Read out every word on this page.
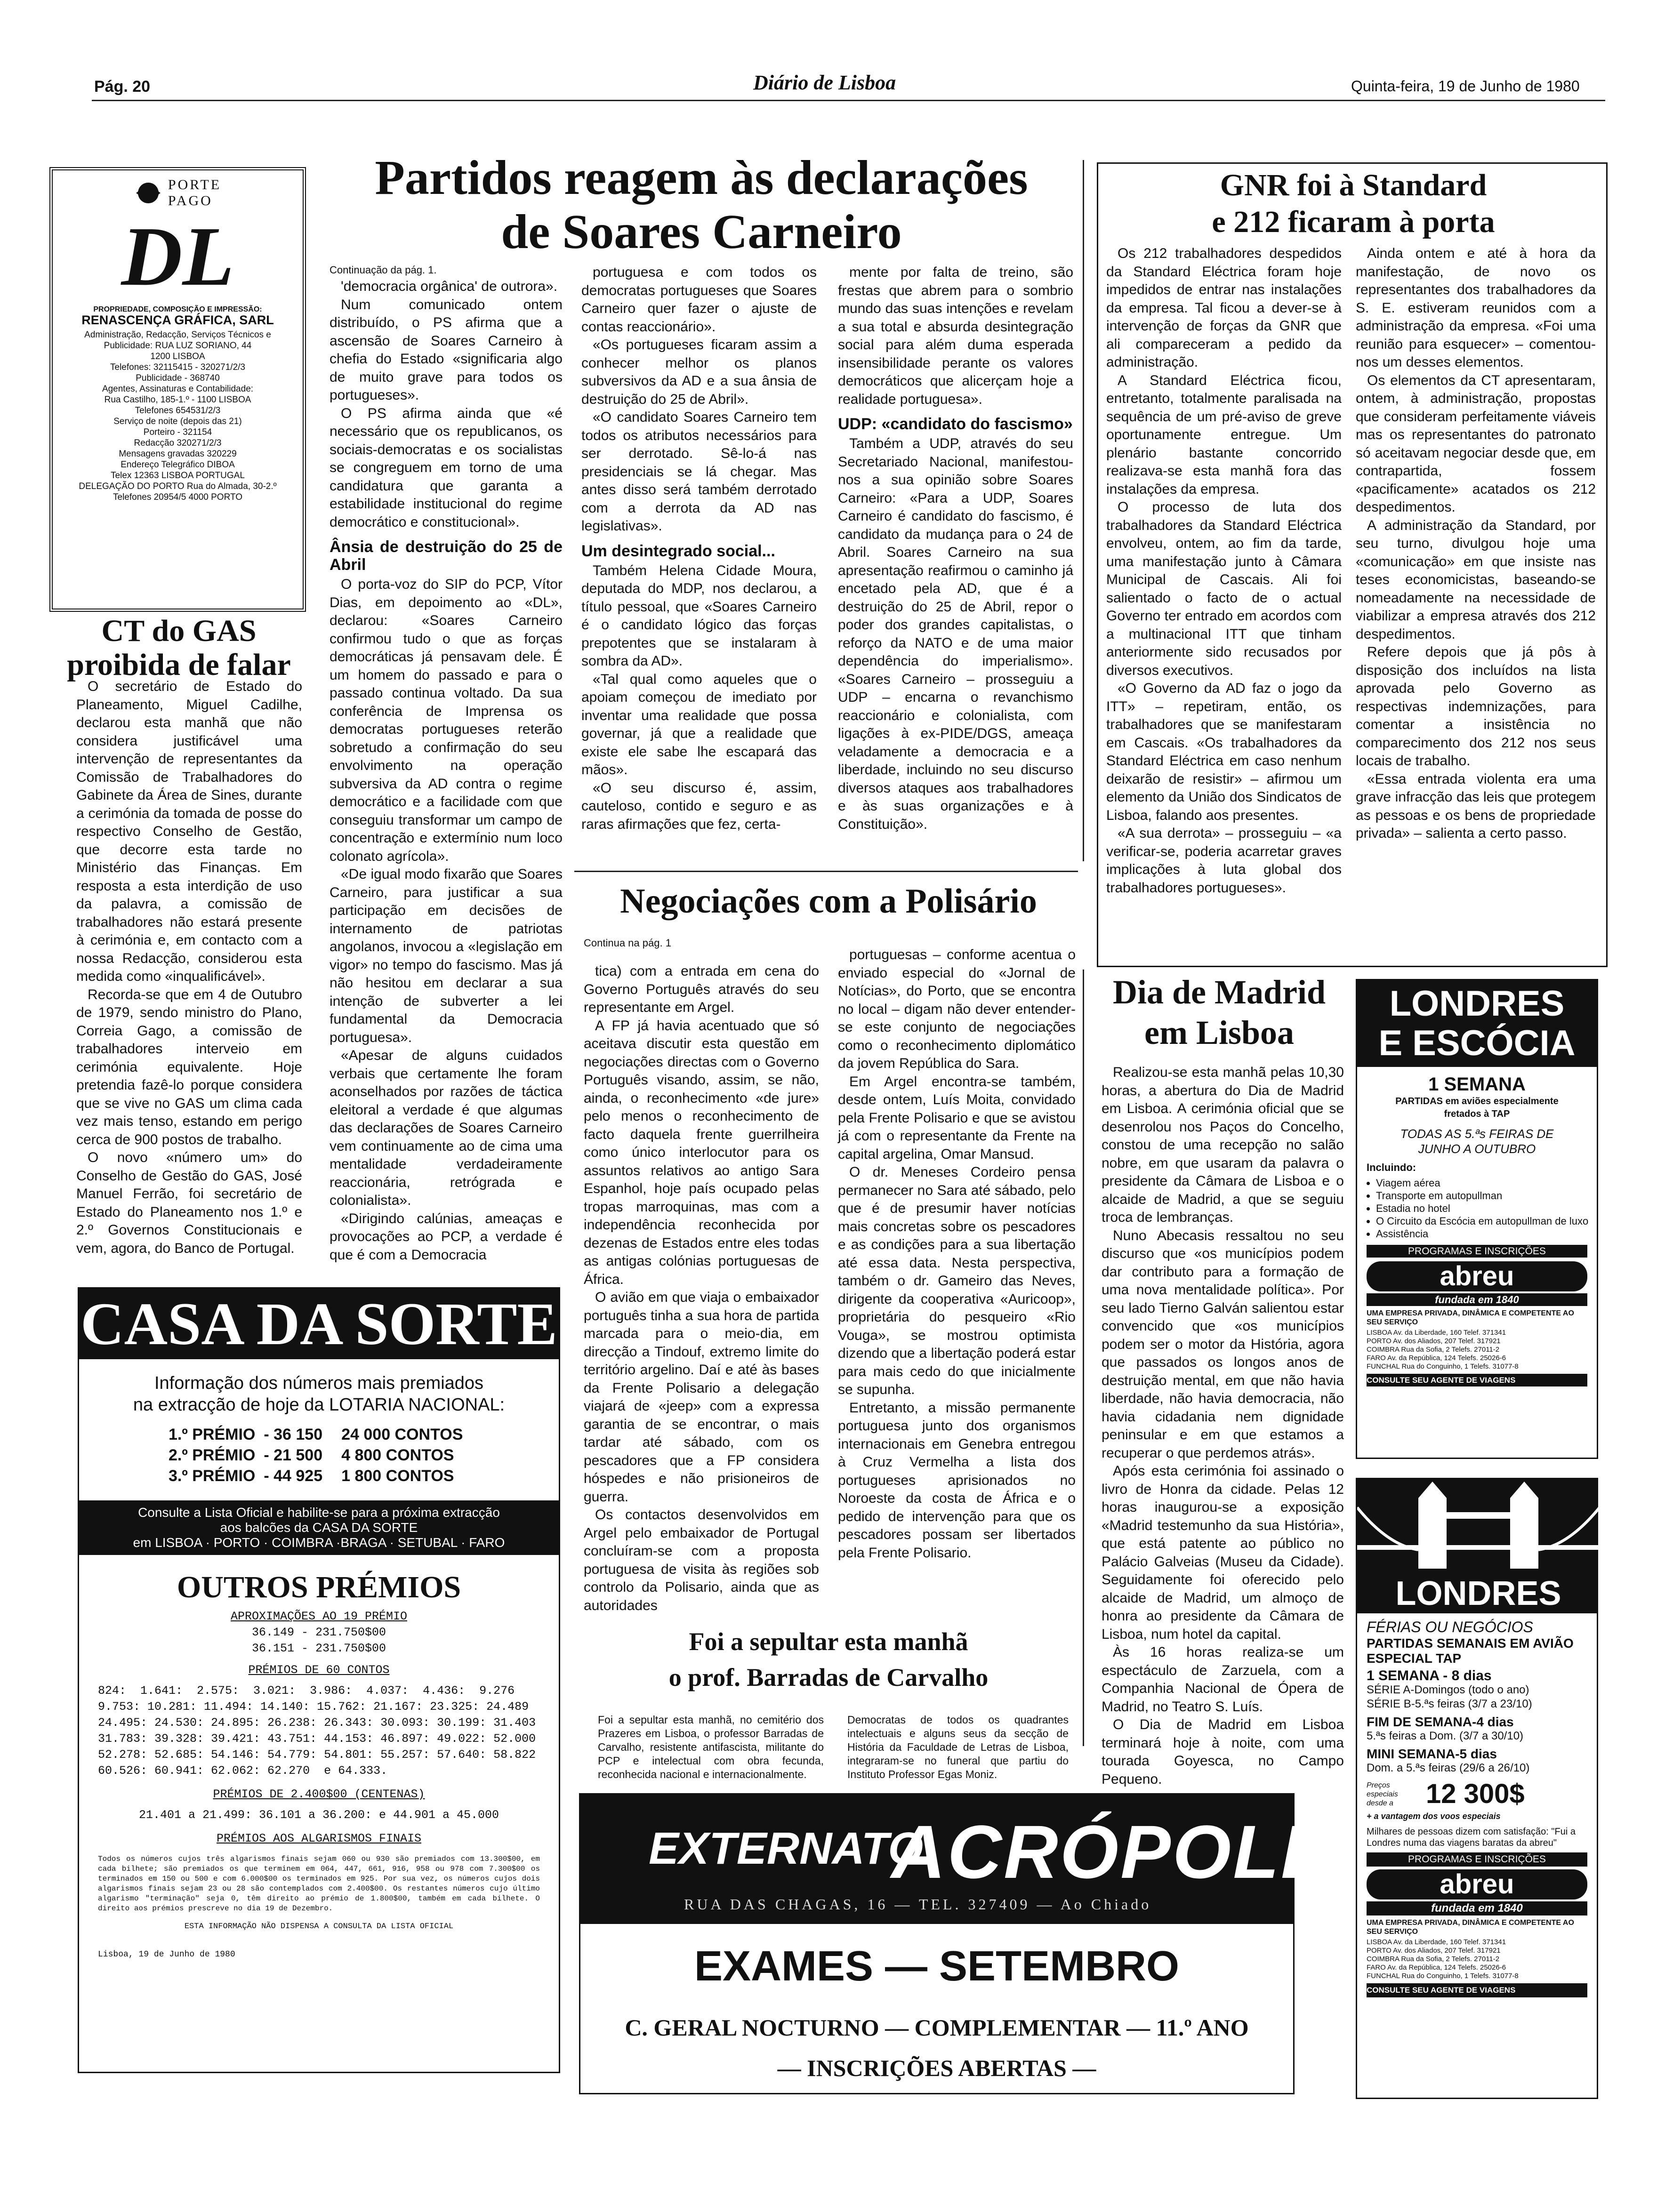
Pág. 20	Diário de Lisboa	Quinta-feira, 19 de Junho de 1980
PORTE
PAGO
DL
PROPRIEDADE, COMPOSIÇÃO E IMPRESSÃO:
RENASCENÇA GRÁFICA, SARL
Administração, Redacção, Serviços Técnicos e Publicidade: RUA LUZ SORIANO, 44
1200 LISBOA
Telefones: 32115415 - 320271/2/3
Publicidade - 368740
Agentes, Assinaturas e Contabilidade:
Rua Castilho, 185-1.º - 1100 LISBOA
Telefones 654531/2/3
Serviço de noite (depois das 21)
Porteiro - 321154
Redacção 320271/2/3
Mensagens gravadas 320229
Endereço Telegráfico DIBOA
Telex 12363 LISBOA PORTUGAL
DELEGAÇÃO DO PORTO Rua do Almada, 30-2.º
Telefones 20954/5 4000 PORTO
CT do GAS
proibida de falar

O secretário de Estado do Planeamento, Miguel Cadilhe, declarou esta manhã que não considera justificável uma intervenção de representantes da Comissão de Trabalhadores do Gabinete da Área de Sines, durante a cerimónia da tomada de posse do respectivo Conselho de Gestão, que decorre esta tarde no Ministério das Finanças. Em resposta a esta interdição de uso da palavra, a comissão de trabalhadores não estará presente à cerimónia e, em contacto com a nossa Redacção, considerou esta medida como «inqualificável».

Recorda-se que em 4 de Outubro de 1979, sendo ministro do Plano, Correia Gago, a comissão de trabalhadores interveio em cerimónia equivalente. Hoje pretendia fazê-lo porque considera que se vive no GAS um clima cada vez mais tenso, estando em perigo cerca de 900 postos de trabalho.

O novo «número um» do Conselho de Gestão do GAS, José Manuel Ferrão, foi secretário de Estado do Planeamento nos 1.º e 2.º Governos Constitucionais e vem, agora, do Banco de Portugal.

CASA DA SORTE
Informação dos números mais premiados
na extracção de hoje da LOTARIA NACIONAL:
1.º PRÉMIO - 36 150 24 000 CONTOS
2.º PRÉMIO - 21 500 4 800 CONTOS
3.º PRÉMIO - 44 925 1 800 CONTOS
Consulte a Lista Oficial e habilite-se para a próxima extracção
aos balcões da CASA DA SORTE
em LISBOA · PORTO · COIMBRA ·BRAGA · SETUBAL · FARO
OUTROS PRÉMIOS
APROXIMAÇÕES AO 19 PRÉMIO
36.149 - 231.750$00
36.151 - 231.750$00
PRÉMIOS DE 60 CONTOS
824:  1.641:  2.575:  3.021:  3.986:  4.037:  4.436:  9.276
9.753: 10.281: 11.494: 14.140: 15.762: 21.167: 23.325: 24.489
24.495: 24.530: 24.895: 26.238: 26.343: 30.093: 30.199: 31.403
31.783: 39.328: 39.421: 43.751: 44.153: 46.897: 49.022: 52.000
52.278: 52.685: 54.146: 54.779: 54.801: 55.257: 57.640: 58.822
60.526: 60.941: 62.062: 62.270  e 64.333.
PRÉMIOS DE 2.400$00 (CENTENAS)
21.401 a 21.499: 36.101 a 36.200: e 44.901 a 45.000
PRÉMIOS AOS ALGARISMOS FINAIS
Todos os números cujos três algarismos finais sejam 060 ou 930 são premiados com 13.300$00, em cada bilhete; são premiados os que terminem em 064, 447, 661, 916, 958 ou 978 com 7.300$00 os terminados em 150 ou 500 e com 6.000$00 os terminados em 925. Por sua vez, os números cujos dois algarismos finais sejam 23 ou 28 são contemplados com 2.400$00. Os restantes números cujo último algarismo "terminação" seja 0, têm direito ao prémio de 1.800$00, também em cada bilhete. O direito aos prémios prescreve no dia 19 de Dezembro.
ESTA INFORMAÇÃO NÃO DISPENSA A CONSULTA DA LISTA OFICIAL
Lisboa, 19 de Junho de 1980
Partidos reagem às declarações
de Soares Carneiro
Continuação da pág. 1.

'democracia orgânica' de outrora».

Num comunicado ontem distribuído, o PS afirma que a ascensão de Soares Carneiro à chefia do Estado «significaria algo de muito grave para todos os portugueses».

O PS afirma ainda que «é necessário que os republicanos, os sociais-democratas e os socialistas se congreguem em torno de uma candidatura que garanta a estabilidade institucional do regime democrático e constitucional».

Ânsia de destruição do 25 de Abril

O porta-voz do SIP do PCP, Vítor Dias, em depoimento ao «DL», declarou: «Soares Carneiro confirmou tudo o que as forças democráticas já pensavam dele. É um homem do passado e para o passado continua voltado. Da sua conferência de Imprensa os democratas portugueses reterão sobretudo a confirmação do seu envolvimento na operação subversiva da AD contra o regime democrático e a facilidade com que conseguiu transformar um campo de concentração e extermínio num loco colonato agrícola».

«De igual modo fixarão que Soares Carneiro, para justificar a sua participação em decisões de internamento de patriotas angolanos, invocou a «legislação em vigor» no tempo do fascismo. Mas já não hesitou em declarar a sua intenção de subverter a lei fundamental da Democracia portuguesa».

«Apesar de alguns cuidados verbais que certamente lhe foram aconselhados por razões de táctica eleitoral a verdade é que algumas das declarações de Soares Carneiro vem continuamente ao de cima uma mentalidade verdadeiramente reaccionária, retrógrada e colonialista».

«Dirigindo calúnias, ameaças e provocações ao PCP, a verdade é que é com a Democracia

portuguesa e com todos os democratas portugueses que Soares Carneiro quer fazer o ajuste de contas reaccionário».

«Os portugueses ficaram assim a conhecer melhor os planos subversivos da AD e a sua ânsia de destruição do 25 de Abril».

«O candidato Soares Carneiro tem todos os atributos necessários para ser derrotado. Sê-lo-á nas presidenciais se lá chegar. Mas antes disso será também derrotado com a derrota da AD nas legislativas».

Um desintegrado social...

Também Helena Cidade Moura, deputada do MDP, nos declarou, a título pessoal, que «Soares Carneiro é o candidato lógico das forças prepotentes que se instalaram à sombra da AD».

«Tal qual como aqueles que o apoiam começou de imediato por inventar uma realidade que possa governar, já que a realidade que existe ele sabe lhe escapará das mãos».

«O seu discurso é, assim, cauteloso, contido e seguro e as raras afirmações que fez, certa-

mente por falta de treino, são frestas que abrem para o sombrio mundo das suas intenções e revelam a sua total e absurda desintegração social para além duma esperada insensibilidade perante os valores democráticos que alicerçam hoje a realidade portuguesa».

UDP: «candidato do fascismo»

Também a UDP, através do seu Secretariado Nacional, manifestou-nos a sua opinião sobre Soares Carneiro: «Para a UDP, Soares Carneiro é candidato do fascismo, é candidato da mudança para o 24 de Abril. Soares Carneiro na sua apresentação reafirmou o caminho já encetado pela AD, que é a destruição do 25 de Abril, repor o poder dos grandes capitalistas, o reforço da NATO e de uma maior dependência do imperialismo». «Soares Carneiro – prosseguiu a UDP – encarna o revanchismo reaccionário e colonialista, com ligações à ex-PIDE/DGS, ameaça veladamente a democracia e a liberdade, incluindo no seu discurso diversos ataques aos trabalhadores e às suas organizações e à Constituição».

GNR foi à Standard
e 212 ficaram à porta

Os 212 trabalhadores despedidos da Standard Eléctrica foram hoje impedidos de entrar nas instalações da empresa. Tal ficou a dever-se à intervenção de forças da GNR que ali compareceram a pedido da administração.

A Standard Eléctrica ficou, entretanto, totalmente paralisada na sequência de um pré-aviso de greve oportunamente entregue. Um plenário bastante concorrido realizava-se esta manhã fora das instalações da empresa.

O processo de luta dos trabalhadores da Standard Eléctrica envolveu, ontem, ao fim da tarde, uma manifestação junto à Câmara Municipal de Cascais. Ali foi salientado o facto de o actual Governo ter entrado em acordos com a multinacional ITT que tinham anteriormente sido recusados por diversos executivos.

«O Governo da AD faz o jogo da ITT» – repetiram, então, os trabalhadores que se manifestaram em Cascais. «Os trabalhadores da Standard Eléctrica em caso nenhum deixarão de resistir» – afirmou um elemento da União dos Sindicatos de Lisboa, falando aos presentes.

«A sua derrota» – prosseguiu – «a verificar-se, poderia acarretar graves implicações à luta global dos trabalhadores portugueses».

Ainda ontem e até à hora da manifestação, de novo os representantes dos trabalhadores da S. E. estiveram reunidos com a administração da empresa. «Foi uma reunião para esquecer» – comentou-nos um desses elementos.

Os elementos da CT apresentaram, ontem, à administração, propostas que consideram perfeitamente viáveis mas os representantes do patronato só aceitavam negociar desde que, em contrapartida, fossem «pacificamente» acatados os 212 despedimentos.

A administração da Standard, por seu turno, divulgou hoje uma «comunicação» em que insiste nas teses economicistas, baseando-se nomeadamente na necessidade de viabilizar a empresa através dos 212 despedimentos.

Refere depois que já pôs à disposição dos incluídos na lista aprovada pelo Governo as respectivas indemnizações, para comentar a insistência no comparecimento dos 212 nos seus locais de trabalho.

«Essa entrada violenta era uma grave infracção das leis que protegem as pessoas e os bens de propriedade privada» – salienta a certo passo.

Negociações com a Polisário
Continua na pág. 1

tica) com a entrada em cena do Governo Português através do seu representante em Argel.

A FP já havia acentuado que só aceitava discutir esta questão em negociações directas com o Governo Português visando, assim, se não, ainda, o reconhecimento «de jure» pelo menos o reconhecimento de facto daquela frente guerrilheira como único interlocutor para os assuntos relativos ao antigo Sara Espanhol, hoje país ocupado pelas tropas marroquinas, mas com a independência reconhecida por dezenas de Estados entre eles todas as antigas colónias portuguesas de África.

O avião em que viaja o embaixador português tinha a sua hora de partida marcada para o meio-dia, em direcção a Tindouf, extremo limite do território argelino. Daí e até às bases da Frente Polisario a delegação viajará de «jeep» com a expressa garantia de se encontrar, o mais tardar até sábado, com os pescadores que a FP considera hóspedes e não prisioneiros de guerra.

Os contactos desenvolvidos em Argel pelo embaixador de Portugal concluíram-se com a proposta portuguesa de visita às regiões sob controlo da Polisario, ainda que as autoridades

portuguesas – conforme acentua o enviado especial do «Jornal de Notícias», do Porto, que se encontra no local – digam não dever entender-se este conjunto de negociações como o reconhecimento diplomático da jovem República do Sara.

Em Argel encontra-se também, desde ontem, Luís Moita, convidado pela Frente Polisario e que se avistou já com o representante da Frente na capital argelina, Omar Mansud.

O dr. Meneses Cordeiro pensa permanecer no Sara até sábado, pelo que é de presumir haver notícias mais concretas sobre os pescadores e as condições para a sua libertação até essa data. Nesta perspectiva, também o dr. Gameiro das Neves, dirigente da cooperativa «Auricoop», proprietária do pesqueiro «Rio Vouga», se mostrou optimista dizendo que a libertação poderá estar para mais cedo do que inicialmente se supunha.

Entretanto, a missão permanente portuguesa junto dos organismos internacionais em Genebra entregou à Cruz Vermelha a lista dos portugueses aprisionados no Noroeste da costa de África e o pedido de intervenção para que os pescadores possam ser libertados pela Frente Polisario.

Dia de Madrid
em Lisboa

Realizou-se esta manhã pelas 10,30 horas, a abertura do Dia de Madrid em Lisboa. A cerimónia oficial que se desenrolou nos Paços do Concelho, constou de uma recepção no salão nobre, em que usaram da palavra o presidente da Câmara de Lisboa e o alcaide de Madrid, a que se seguiu troca de lembranças.

Nuno Abecasis ressaltou no seu discurso que «os municípios podem dar contributo para a formação de uma nova mentalidade política». Por seu lado Tierno Galván salientou estar convencido que «os municípios podem ser o motor da História, agora que passados os longos anos de destruição mental, em que não havia liberdade, não havia democracia, não havia cidadania nem dignidade peninsular e em que estamos a recuperar o que perdemos atrás».

Após esta cerimónia foi assinado o livro de Honra da cidade. Pelas 12 horas inaugurou-se a exposição «Madrid testemunho da sua História», que está patente ao público no Palácio Galveias (Museu da Cidade). Seguidamente foi oferecido pelo alcaide de Madrid, um almoço de honra ao presidente da Câmara de Lisboa, num hotel da capital.

Às 16 horas realiza-se um espectáculo de Zarzuela, com a Companhia Nacional de Ópera de Madrid, no Teatro S. Luís.

O Dia de Madrid em Lisboa terminará hoje à noite, com uma tourada Goyesca, no Campo Pequeno.

Foi a sepultar esta manhã
o prof. Barradas de Carvalho
Foi a sepultar esta manhã, no cemitério dos Prazeres em Lisboa, o professor Barradas de Carvalho, resistente antifascista, militante do PCP e intelectual com obra fecunda, reconhecida nacional e internacionalmente.
Democratas de todos os quadrantes intelectuais e alguns seus da secção de História da Faculdade de Letras de Lisboa, integraram-se no funeral que partiu do Instituto Professor Egas Moniz.
EXTERNATO
ACRÓPOLE
RUA DAS CHAGAS, 16 — TEL. 327409 — Ao Chiado
EXAMES — SETEMBRO
C. GERAL NOCTURNO — COMPLEMENTAR — 11.º ANO
— INSCRIÇÕES ABERTAS —
LONDRES
E ESCÓCIA
1 SEMANA
PARTIDAS em aviões especialmente fretados à TAP
TODAS AS 5.ªs FEIRAS DE JUNHO A OUTUBRO
Incluindo:
• Viagem aérea
• Transporte em autopullman
• Estadia no hotel
• O Circuito da Escócia em autopullman de luxo
• Assistência
PROGRAMAS E INSCRIÇÕES
abreu
fundada em 1840
UMA EMPRESA PRIVADA, DINÂMICA E COMPETENTE AO SEU SERVIÇO
LISBOA Av. da Liberdade, 160 Telef. 371341
PORTO Av. dos Aliados, 207 Telef. 317921
COIMBRA Rua da Sofia, 2 Telefs. 27011-2
FARO Av. da República, 124 Telefs. 25026-6
FUNCHAL Rua do Conguinho, 1 Telefs. 31077-8
CONSULTE SEU AGENTE DE VIAGENS
LONDRES
FÉRIAS OU NEGÓCIOS
PARTIDAS SEMANAIS EM AVIÃO ESPECIAL TAP
1 SEMANA - 8 dias
SÉRIE A-Domingos (todo o ano)
SÉRIE B-5.ªs feiras (3/7 a 23/10)
FIM DE SEMANA-4 dias
5.ªs feiras a Dom. (3/7 a 30/10)
MINI SEMANA-5 dias
Dom. a 5.ªs feiras (29/6 a 26/10)
Preços especiais desde a	12 300$
+ a vantagem dos voos especiais
Milhares de pessoas dizem com satisfação: "Fui a Londres numa das viagens baratas da abreu"
PROGRAMAS E INSCRIÇÕES
abreu
fundada em 1840
UMA EMPRESA PRIVADA, DINÂMICA E COMPETENTE AO SEU SERVIÇO
LISBOA Av. da Liberdade, 160 Telef. 371341
PORTO Av. dos Aliados, 207 Telef. 317921
COIMBRA Rua da Sofia, 2 Telefs. 27011-2
FARO Av. da República, 124 Telefs. 25026-6
FUNCHAL Rua do Conguinho, 1 Telefs. 31077-8
CONSULTE SEU AGENTE DE VIAGENS
